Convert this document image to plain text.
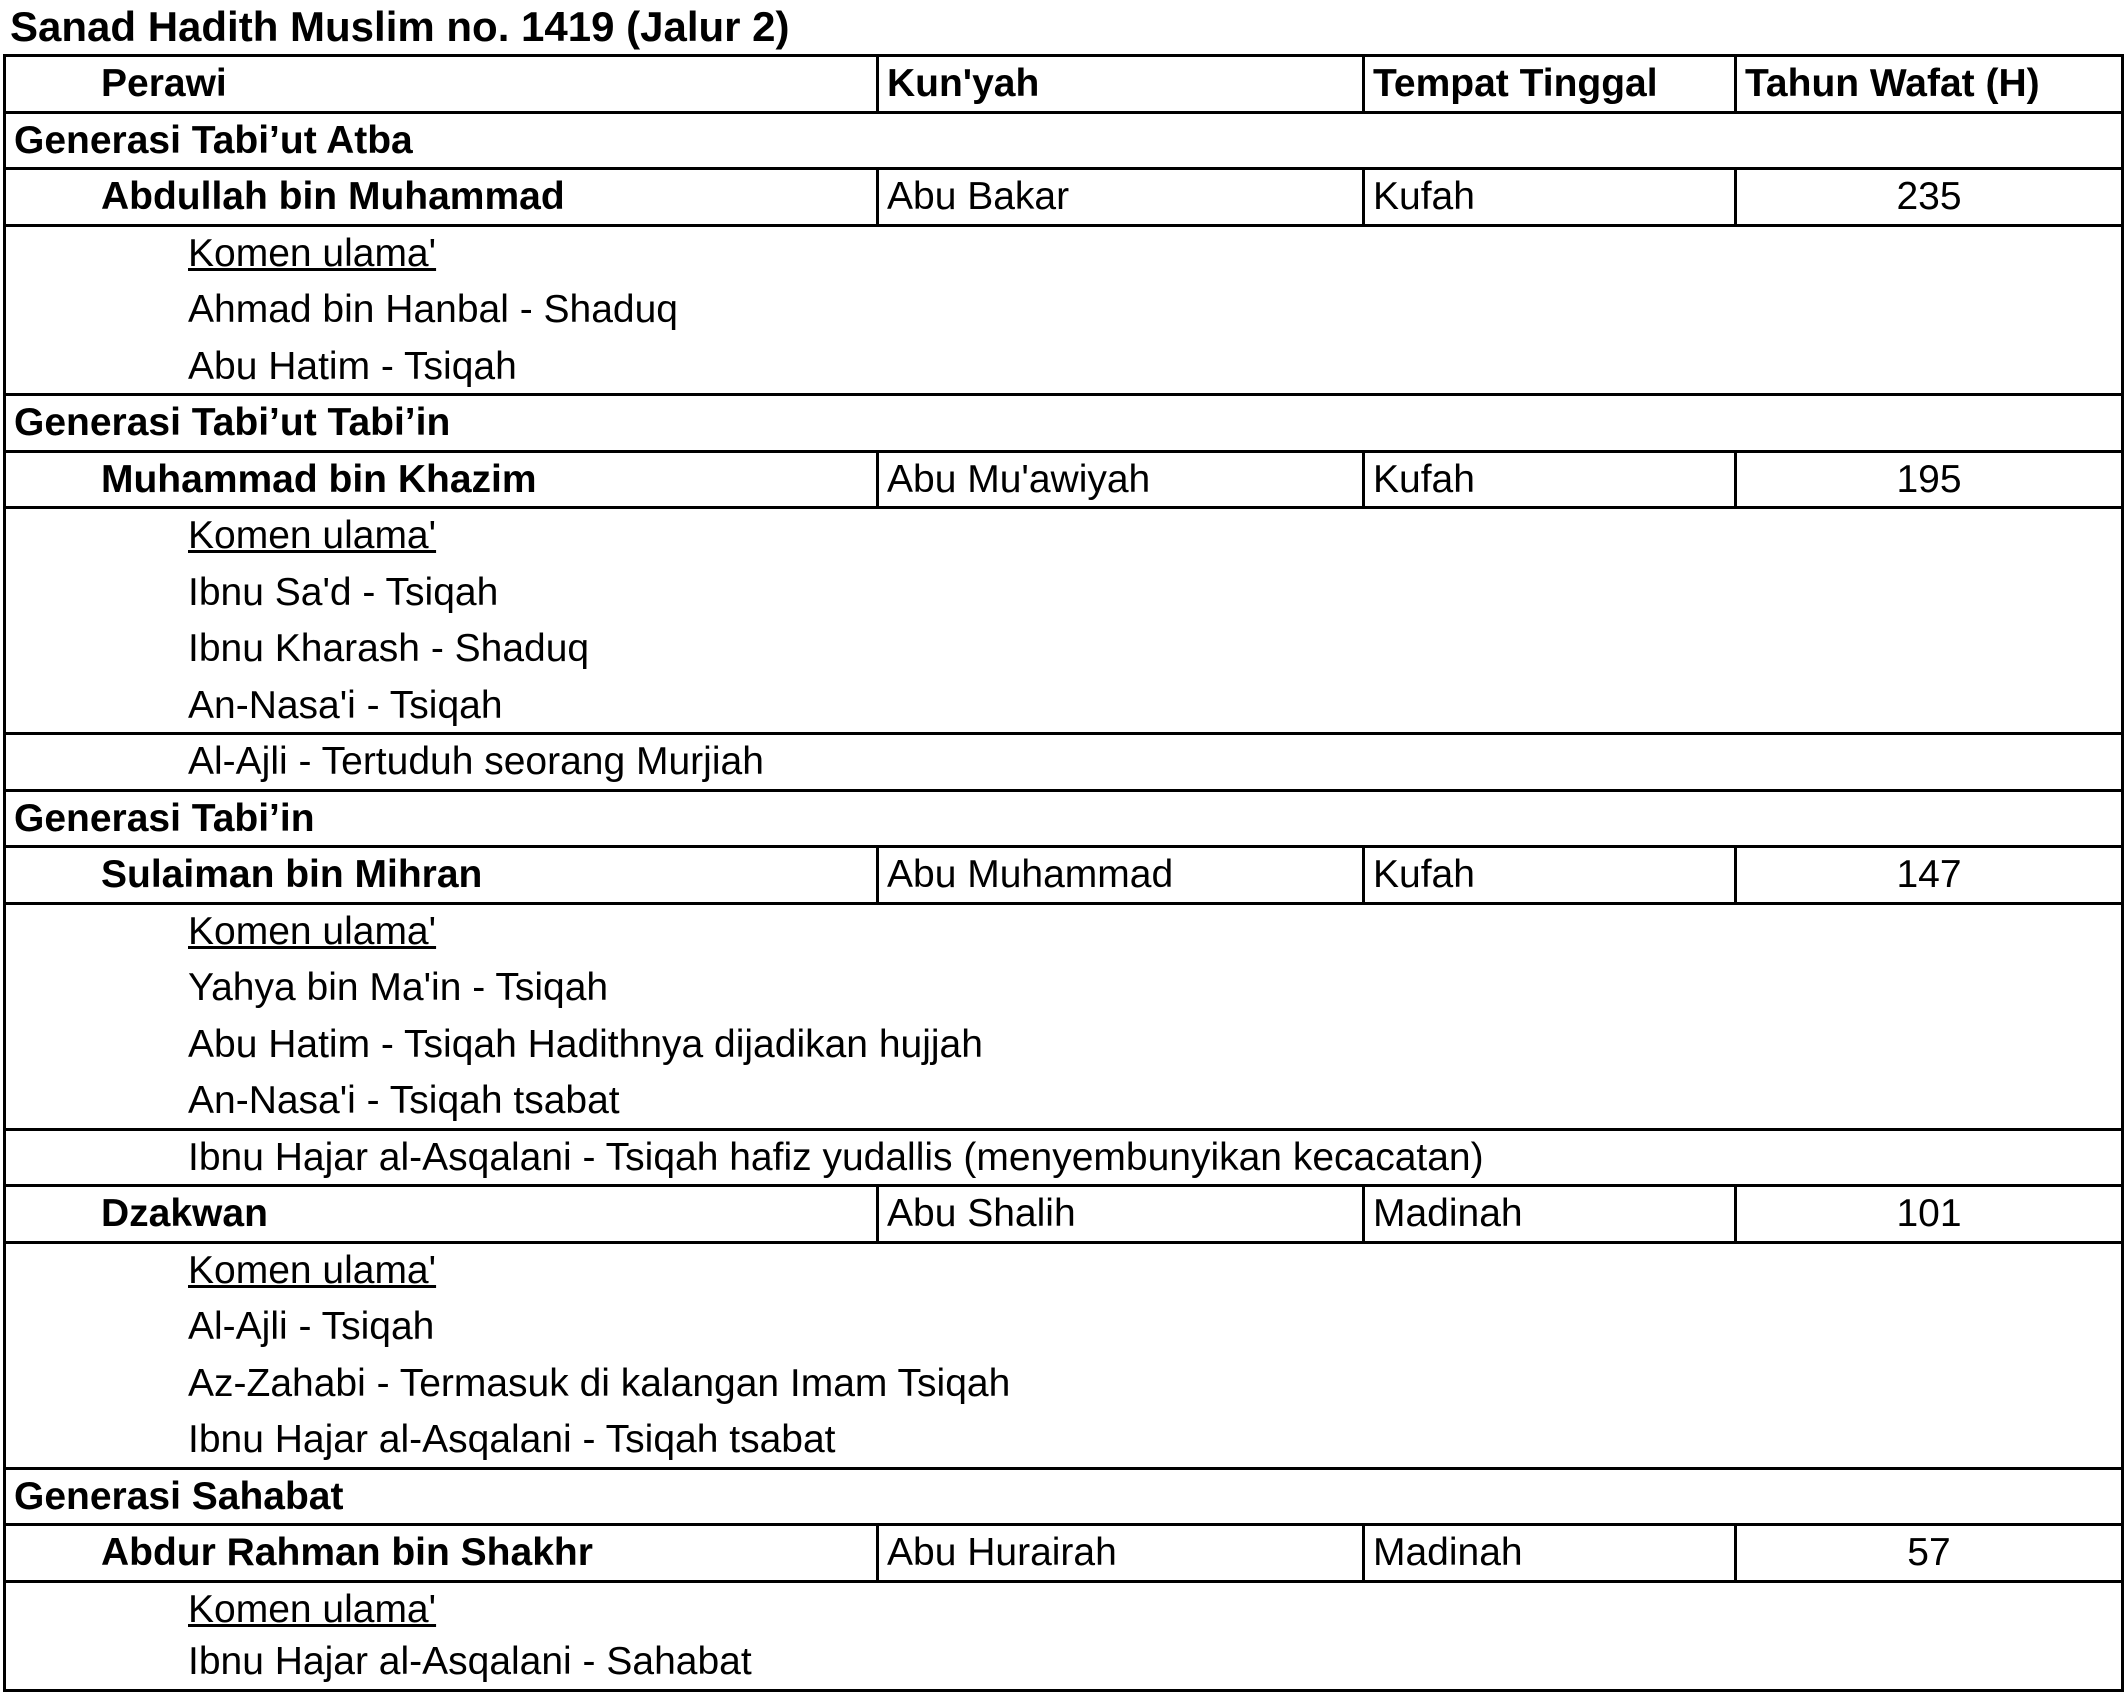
Sanad Hadith Muslim no. 1419 (Jalur 2)
Perawi	Kun'yah	Tempat Tinggal	Tahun Wafat (H)
Generasi Tabi’ut Atba
Abdullah bin Muhammad	Abu Bakar	Kufah	235
Komen ulama'
Ahmad bin Hanbal - Shaduq
Abu Hatim - Tsiqah
Generasi Tabi’ut Tabi’in
Muhammad bin Khazim	Abu Mu'awiyah	Kufah	195
Komen ulama'
Ibnu Sa'd - Tsiqah
Ibnu Kharash - Shaduq
An-Nasa'i - Tsiqah
Al-Ajli - Tertuduh seorang Murjiah
Generasi Tabi’in
Sulaiman bin Mihran	Abu Muhammad	Kufah	147
Komen ulama'
Yahya bin Ma'in - Tsiqah
Abu Hatim - Tsiqah Hadithnya dijadikan hujjah
An-Nasa'i - Tsiqah tsabat
Ibnu Hajar al-Asqalani - Tsiqah hafiz yudallis (menyembunyikan kecacatan)
Dzakwan	Abu Shalih	Madinah	101
Komen ulama'
Al-Ajli - Tsiqah
Az-Zahabi - Termasuk di kalangan Imam Tsiqah
Ibnu Hajar al-Asqalani - Tsiqah tsabat
Generasi Sahabat
Abdur Rahman bin Shakhr	Abu Hurairah	Madinah	57
Komen ulama'
Ibnu Hajar al-Asqalani - Sahabat
